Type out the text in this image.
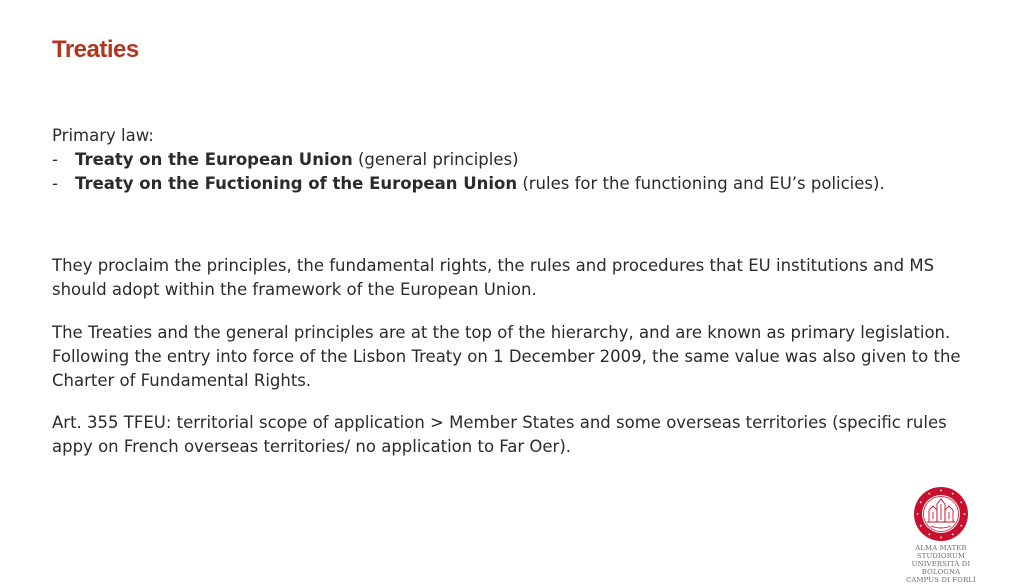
Treaties

Primary law:

-	Treaty on the European Union (general principles)
-	Treaty on the Fuctioning of the European Union (rules for the functioning and EU’s policies).

They proclaim the principles, the fundamental rights, the rules and procedures that EU institutions and MS should adopt within the framework of the European Union.

The Treaties and the general principles are at the top of the hierarchy, and are known as primary legislation. Following the entry into force of the Lisbon Treaty on 1 December 2009, the same value was also given to the Charter of Fundamental Rights.

Art. 355 TFEU: territorial scope of application > Member States and some overseas territories (specific rules appy on French overseas territories/ no application to Far Oer).

ALMA MATER STUDIORUM
UNIVERSITÀ DI BOLOGNA
CAMPUS DI FORLÌ
